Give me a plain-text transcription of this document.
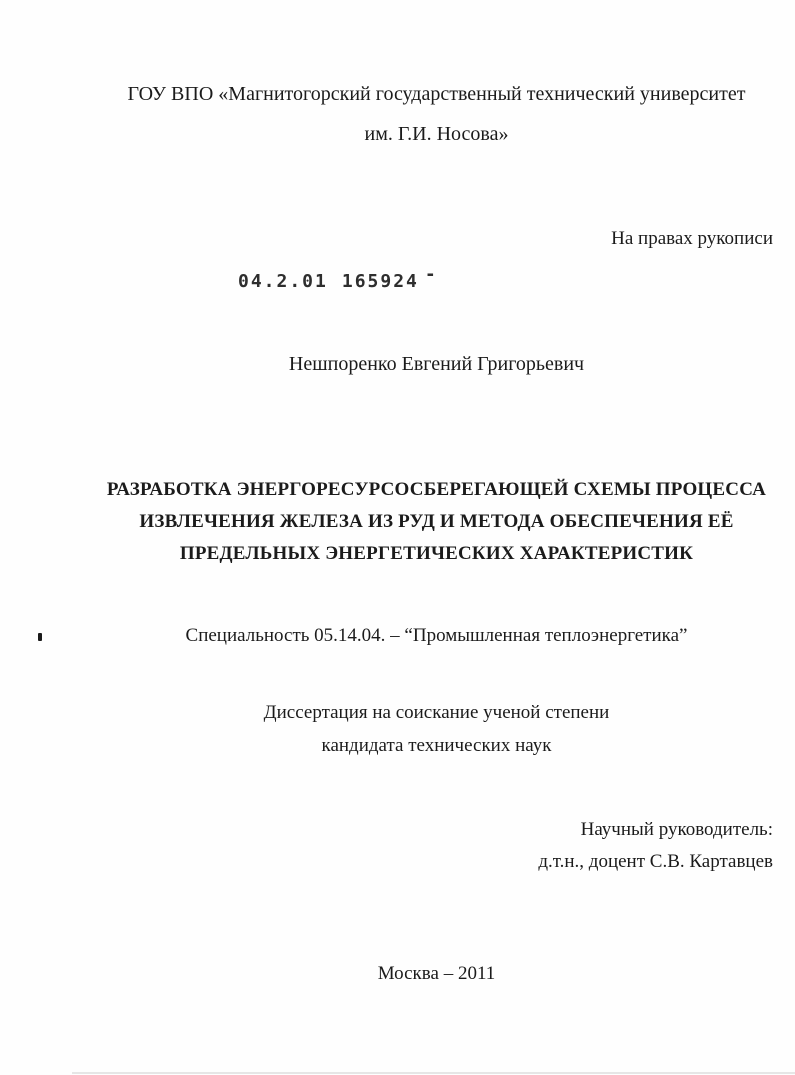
ГОУ ВПО «Магнитогорский государственный технический университет
им. Г.И. Носова»
На правах рукописи
04.2.01 165924 -
Нешпоренко Евгений Григорьевич
РАЗРАБОТКА ЭНЕРГОРЕСУРСОСБЕРЕГАЮЩЕЙ СХЕМЫ ПРОЦЕССА
ИЗВЛЕЧЕНИЯ ЖЕЛЕЗА ИЗ РУД И МЕТОДА ОБЕСПЕЧЕНИЯ ЕЁ
ПРЕДЕЛЬНЫХ ЭНЕРГЕТИЧЕСКИХ ХАРАКТЕРИСТИК
Специальность 05.14.04. – “Промышленная теплоэнергетика”
Диссертация на соискание ученой степени
кандидата технических наук
Научный руководитель:
д.т.н., доцент С.В. Картавцев
Москва – 2011
